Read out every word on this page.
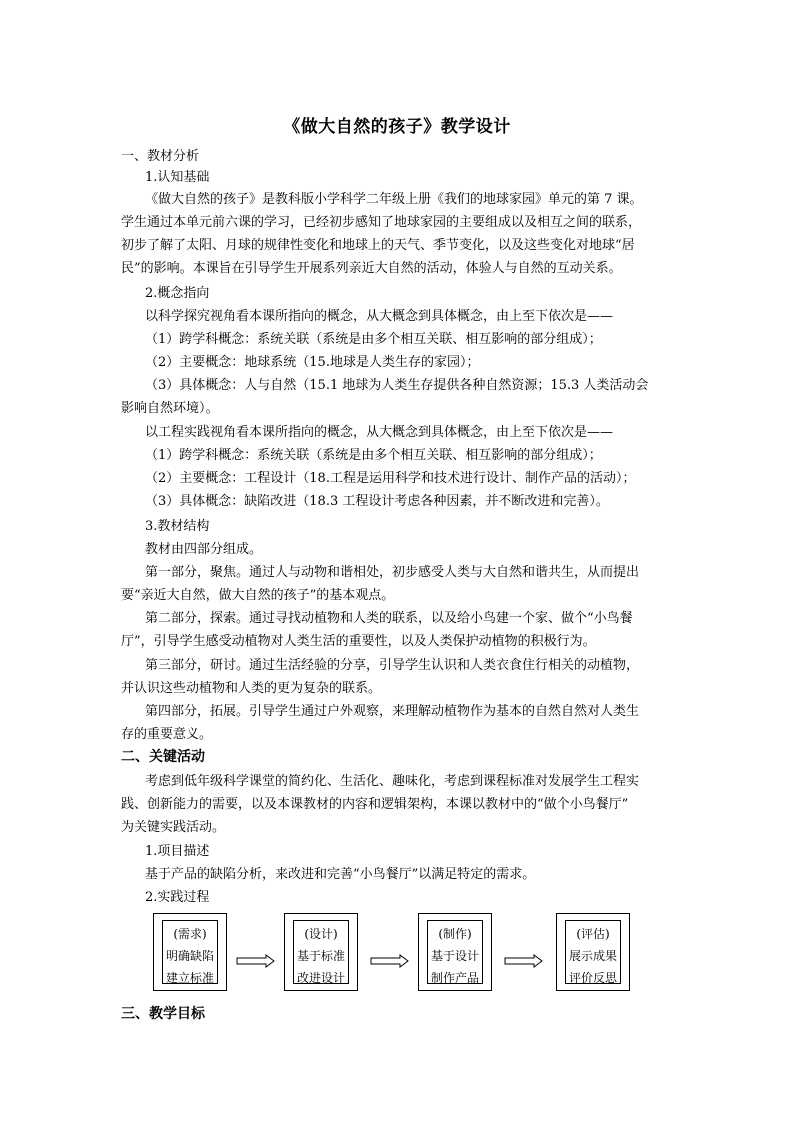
《做大自然的孩子》教学设计
一、教材分析
1.认知基础
《做大自然的孩子》是教科版小学科学二年级上册《我们的地球家园》单元的第 7 课。
学生通过本单元前六课的学习，已经初步感知了地球家园的主要组成以及相互之间的联系，
初步了解了太阳、月球的规律性变化和地球上的天气、季节变化，以及这些变化对地球“居
民”的影响。本课旨在引导学生开展系列亲近大自然的活动，体验人与自然的互动关系。
2.概念指向
以科学探究视角看本课所指向的概念，从大概念到具体概念，由上至下依次是——
（1）跨学科概念：系统关联（系统是由多个相互关联、相互影响的部分组成）；
（2）主要概念：地球系统（15.地球是人类生存的家园）；
（3）具体概念：人与自然（15.1 地球为人类生存提供各种自然资源；15.3 人类活动会
影响自然环境）。
以工程实践视角看本课所指向的概念，从大概念到具体概念，由上至下依次是——
（1）跨学科概念：系统关联（系统是由多个相互关联、相互影响的部分组成）；
（2）主要概念：工程设计（18.工程是运用科学和技术进行设计、制作产品的活动）；
（3）具体概念：缺陷改进（18.3 工程设计考虑各种因素，并不断改进和完善）。
3.教材结构
教材由四部分组成。
第一部分，聚焦。通过人与动物和谐相处，初步感受人类与大自然和谐共生，从而提出
要“亲近大自然，做大自然的孩子”的基本观点。
第二部分，探索。通过寻找动植物和人类的联系，以及给小鸟建一个家、做个“小鸟餐
厅”，引导学生感受动植物对人类生活的重要性，以及人类保护动植物的积极行为。
第三部分，研讨。通过生活经验的分享，引导学生认识和人类衣食住行相关的动植物，
并认识这些动植物和人类的更为复杂的联系。
第四部分，拓展。引导学生通过户外观察，来理解动植物作为基本的自然自然对人类生
存的重要意义。
二、关键活动
考虑到低年级科学课堂的简约化、生活化、趣味化，考虑到课程标准对发展学生工程实
践、创新能力的需要，以及本课教材的内容和逻辑架构，本课以教材中的“做个小鸟餐厅”
为关键实践活动。
1.项目描述
基于产品的缺陷分析，来改进和完善“小鸟餐厅”以满足特定的需求。
2.实践过程
(需求)
明确缺陷
建立标准
(设计)
基于标准
改进设计
(制作)
基于设计
制作产品
(评估)
展示成果
评价反思
三、教学目标
